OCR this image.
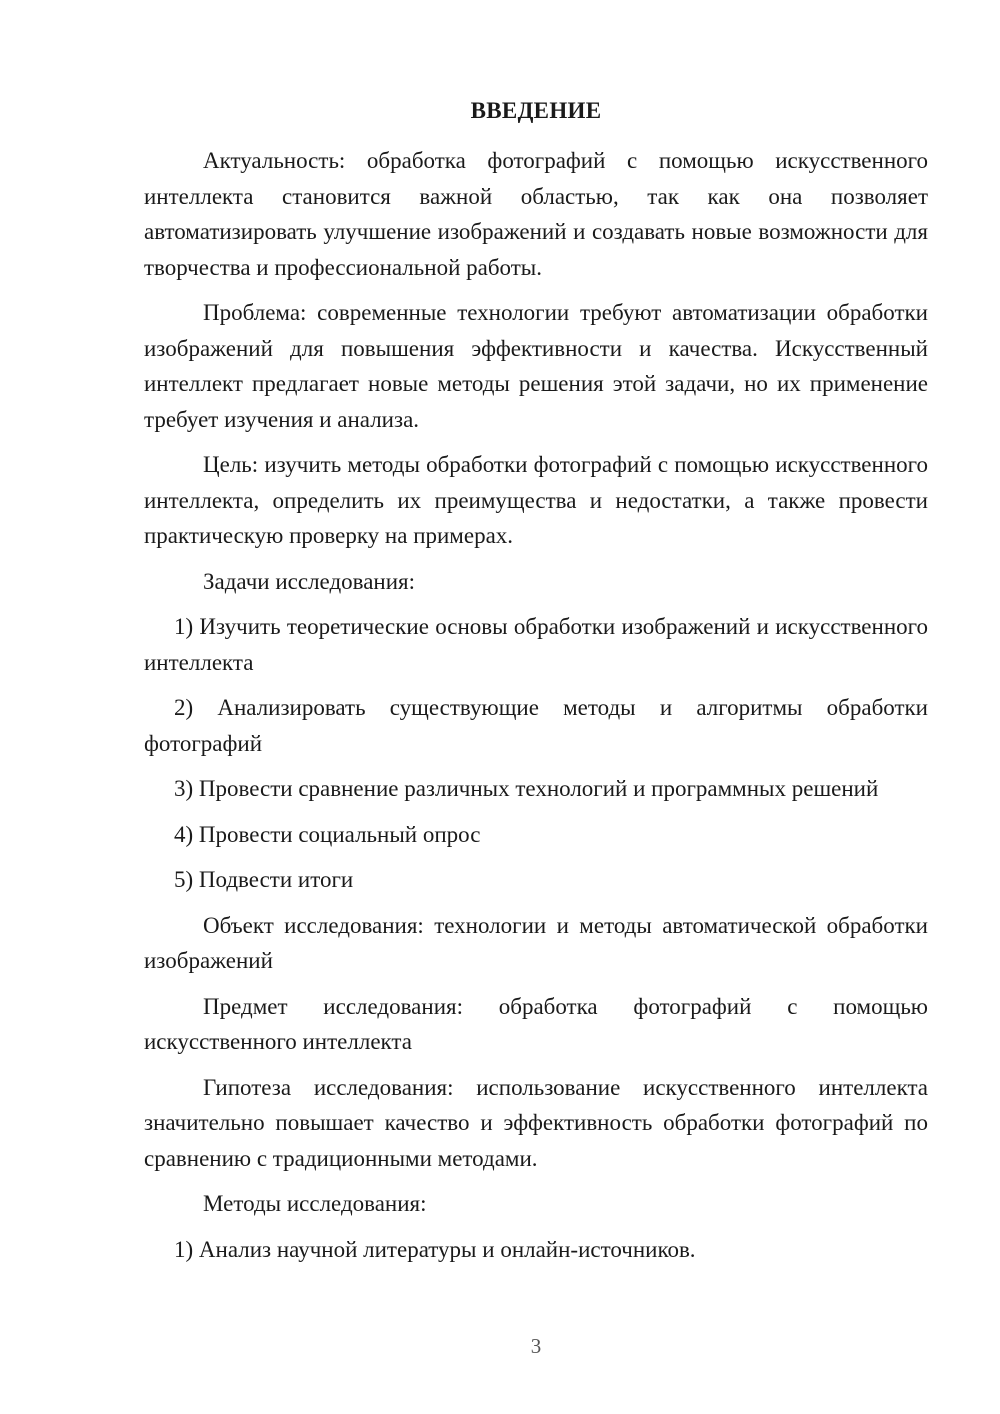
ВВЕДЕНИЕ

Актуальность: обработка фотографий с помощью искусственного интеллекта становится важной областью, так как она позволяет автоматизировать улучшение изображений и создавать новые возможности для творчества и профессиональной работы.

Проблема: современные технологии требуют автоматизации обработки изображений для повышения эффективности и качества. Искусственный интеллект предлагает новые методы решения этой задачи, но их применение требует изучения и анализа.

Цель: изучить методы обработки фотографий с помощью искусственного интеллекта, определить их преимущества и недостатки, а также провести практическую проверку на примерах.

Задачи исследования:

1) Изучить теоретические основы обработки изображений и искусственного интеллекта

2) Анализировать существующие методы и алгоритмы обработки фотографий

3) Провести сравнение различных технологий и программных решений

4) Провести социальный опрос

5) Подвести итоги

Объект исследования: технологии и методы автоматической обработки изображений

Предмет исследования: обработка фотографий с помощью искусственного интеллекта

Гипотеза исследования: использование искусственного интеллекта значительно повышает качество и эффективность обработки фотографий по сравнению с традиционными методами.

Методы исследования:

1) Анализ научной литературы и онлайн-источников.

3
